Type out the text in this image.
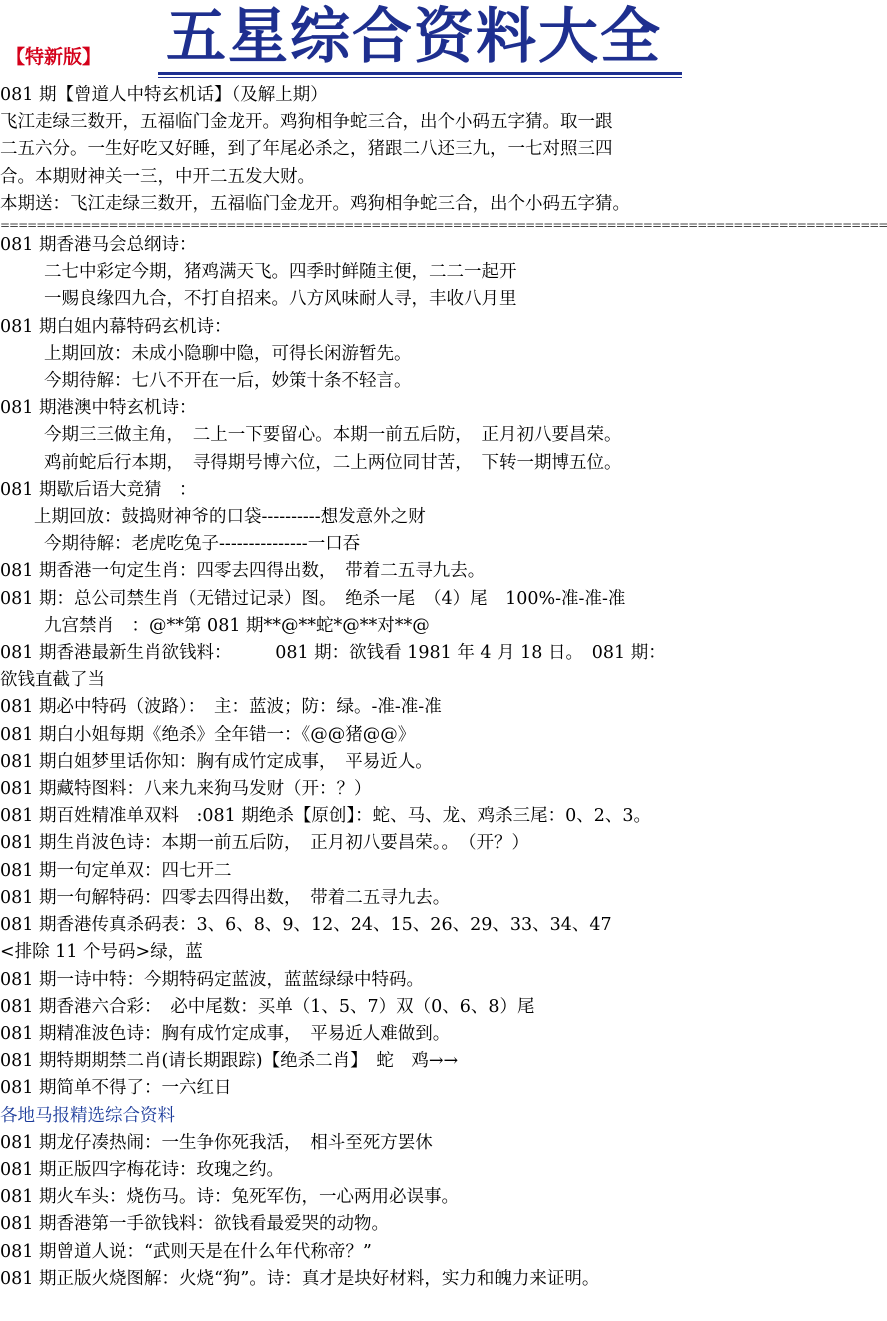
【特新版】 五星综合资料大全
081 期【曾道人中特玄机话】（及解上期）
飞江走绿三数开，五福临门金龙开。鸡狗相争蛇三合，出个小码五字猜。取一跟
二五六分。一生好吃又好睡，到了年尾必杀之，猪跟二八还三九，一七对照三四
合。本期财神关一三，中开二五发大财。
本期送：飞江走绿三数开，五福临门金龙开。鸡狗相争蛇三合，出个小码五字猜。
==================================================================================================
081 期香港马会总纲诗：
二七中彩定今期，猪鸡满天飞。四季时鲜随主便，二二一起开
一赐良缘四九合，不打自招来。八方风味耐人寻，丰收八月里
081 期白姐内幕特码玄机诗：
上期回放：未成小隐聊中隐，可得长闲游暂先。
今期待解：七八不开在一后，妙策十条不轻言。
081 期港澳中特玄机诗：
今期三三做主角，　二上一下要留心。本期一前五后防，　正月初八要昌荣。
鸡前蛇后行本期，　寻得期号博六位，二上两位同甘苦，　下转一期博五位。
081 期歇后语大竞猜　：
上期回放：鼓捣财神爷的口袋----------想发意外之财
今期待解：老虎吃兔子---------------一口吞
081 期香港一句定生肖：四零去四得出数，　带着二五寻九去。
081 期：总公司禁生肖（无错过记录）图。　绝杀一尾　（4）尾　100%-准-准-准
九宫禁肖　：@**第 081 期**@**蛇*@**对**@
081 期香港最新生肖欲钱料：　　　081 期：欲钱看 1981 年 4 月 18 日。　081 期：
欲钱直截了当
081 期必中特码（波路）：　主：蓝波；防：绿。-准-准-准
081 期白小姐每期《绝杀》全年错一：《@@猪@@》
081 期白姐梦里话你知：胸有成竹定成事，　平易近人。
081 期藏特图料：八来九来狗马发财（开：？）
081 期百姓精准单双料　:081 期绝杀【原创】：蛇、马、龙、鸡杀三尾：0、2、3。
081 期生肖波色诗：本期一前五后防，　正月初八要昌荣。。　（开？）
081 期一句定单双：四七开二
081 期一句解特码：四零去四得出数，　带着二五寻九去。
081 期香港传真杀码表：3、6、8、9、12、24、15、26、29、33、34、47
<排除 11 个号码>绿，蓝
081 期一诗中特：今期特码定蓝波，蓝蓝绿绿中特码。
081 期香港六合彩：　必中尾数：买单（1、5、7）双（0、6、8）尾
081 期精准波色诗：胸有成竹定成事，　平易近人难做到。
081 期特期期禁二肖(请长期跟踪)【绝杀二肖】　蛇　鸡→→
081 期简单不得了：一六红日
各地马报精选综合资料
081 期龙仔凑热闹：一生争你死我活，　相斗至死方罢休
081 期正版四字梅花诗：玫瑰之约。
081 期火车头：烧伤马。诗：兔死军伤，一心两用必误事。
081 期香港第一手欲钱料：欲钱看最爱哭的动物。
081 期曾道人说：“武则天是在什么年代称帝？”
081 期正版火烧图解：火烧“狗”。诗：真才是块好材料，实力和魄力来证明。
